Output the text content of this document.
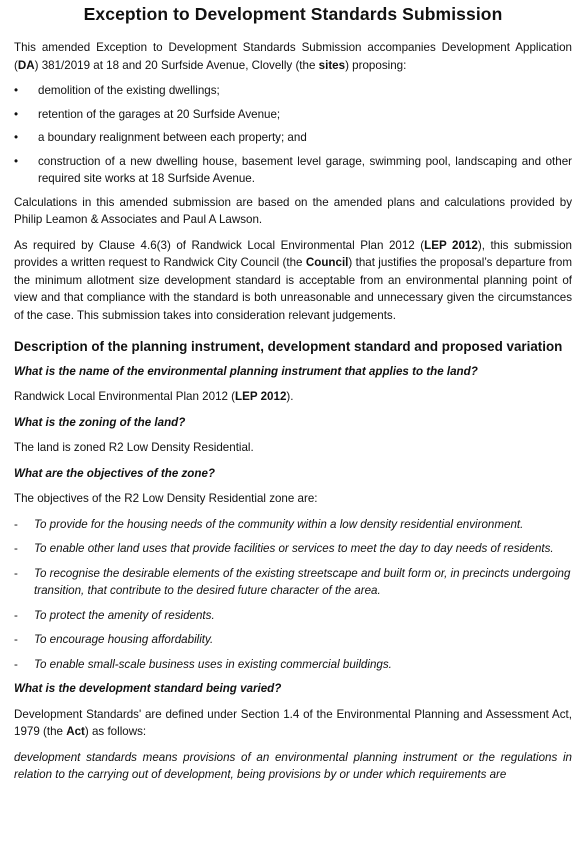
Exception to Development Standards Submission

This amended Exception to Development Standards Submission accompanies Development Application (DA) 381/2019 at 18 and 20 Surfside Avenue, Clovelly (the sites) proposing:

• demolition of the existing dwellings;
• retention of the garages at 20 Surfside Avenue;
• a boundary realignment between each property; and
• construction of a new dwelling house, basement level garage, swimming pool, landscaping and other required site works at 18 Surfside Avenue.

Calculations in this amended submission are based on the amended plans and calculations provided by Philip Leamon & Associates and Paul A Lawson.

As required by Clause 4.6(3) of Randwick Local Environmental Plan 2012 (LEP 2012), this submission provides a written request to Randwick City Council (the Council) that justifies the proposal’s departure from the minimum allotment size development standard is acceptable from an environmental planning point of view and that compliance with the standard is both unreasonable and unnecessary given the circumstances of the case. This submission takes into consideration relevant judgements.

Description of the planning instrument, development standard and proposed variation
What is the name of the environmental planning instrument that applies to the land?

Randwick Local Environmental Plan 2012 (LEP 2012).

What is the zoning of the land?

The land is zoned R2 Low Density Residential.

What are the objectives of the zone?

The objectives of the R2 Low Density Residential zone are:

- To provide for the housing needs of the community within a low density residential environment.
- To enable other land uses that provide facilities or services to meet the day to day needs of residents.
- To recognise the desirable elements of the existing streetscape and built form or, in precincts undergoing transition, that contribute to the desired future character of the area.
- To protect the amenity of residents.
- To encourage housing affordability.
- To enable small-scale business uses in existing commercial buildings.
What is the development standard being varied?

Development Standards' are defined under Section 1.4 of the Environmental Planning and Assessment Act, 1979 (the Act) as follows:

development standards means provisions of an environmental planning instrument or the regulations in relation to the carrying out of development, being provisions by or under which requirements are
